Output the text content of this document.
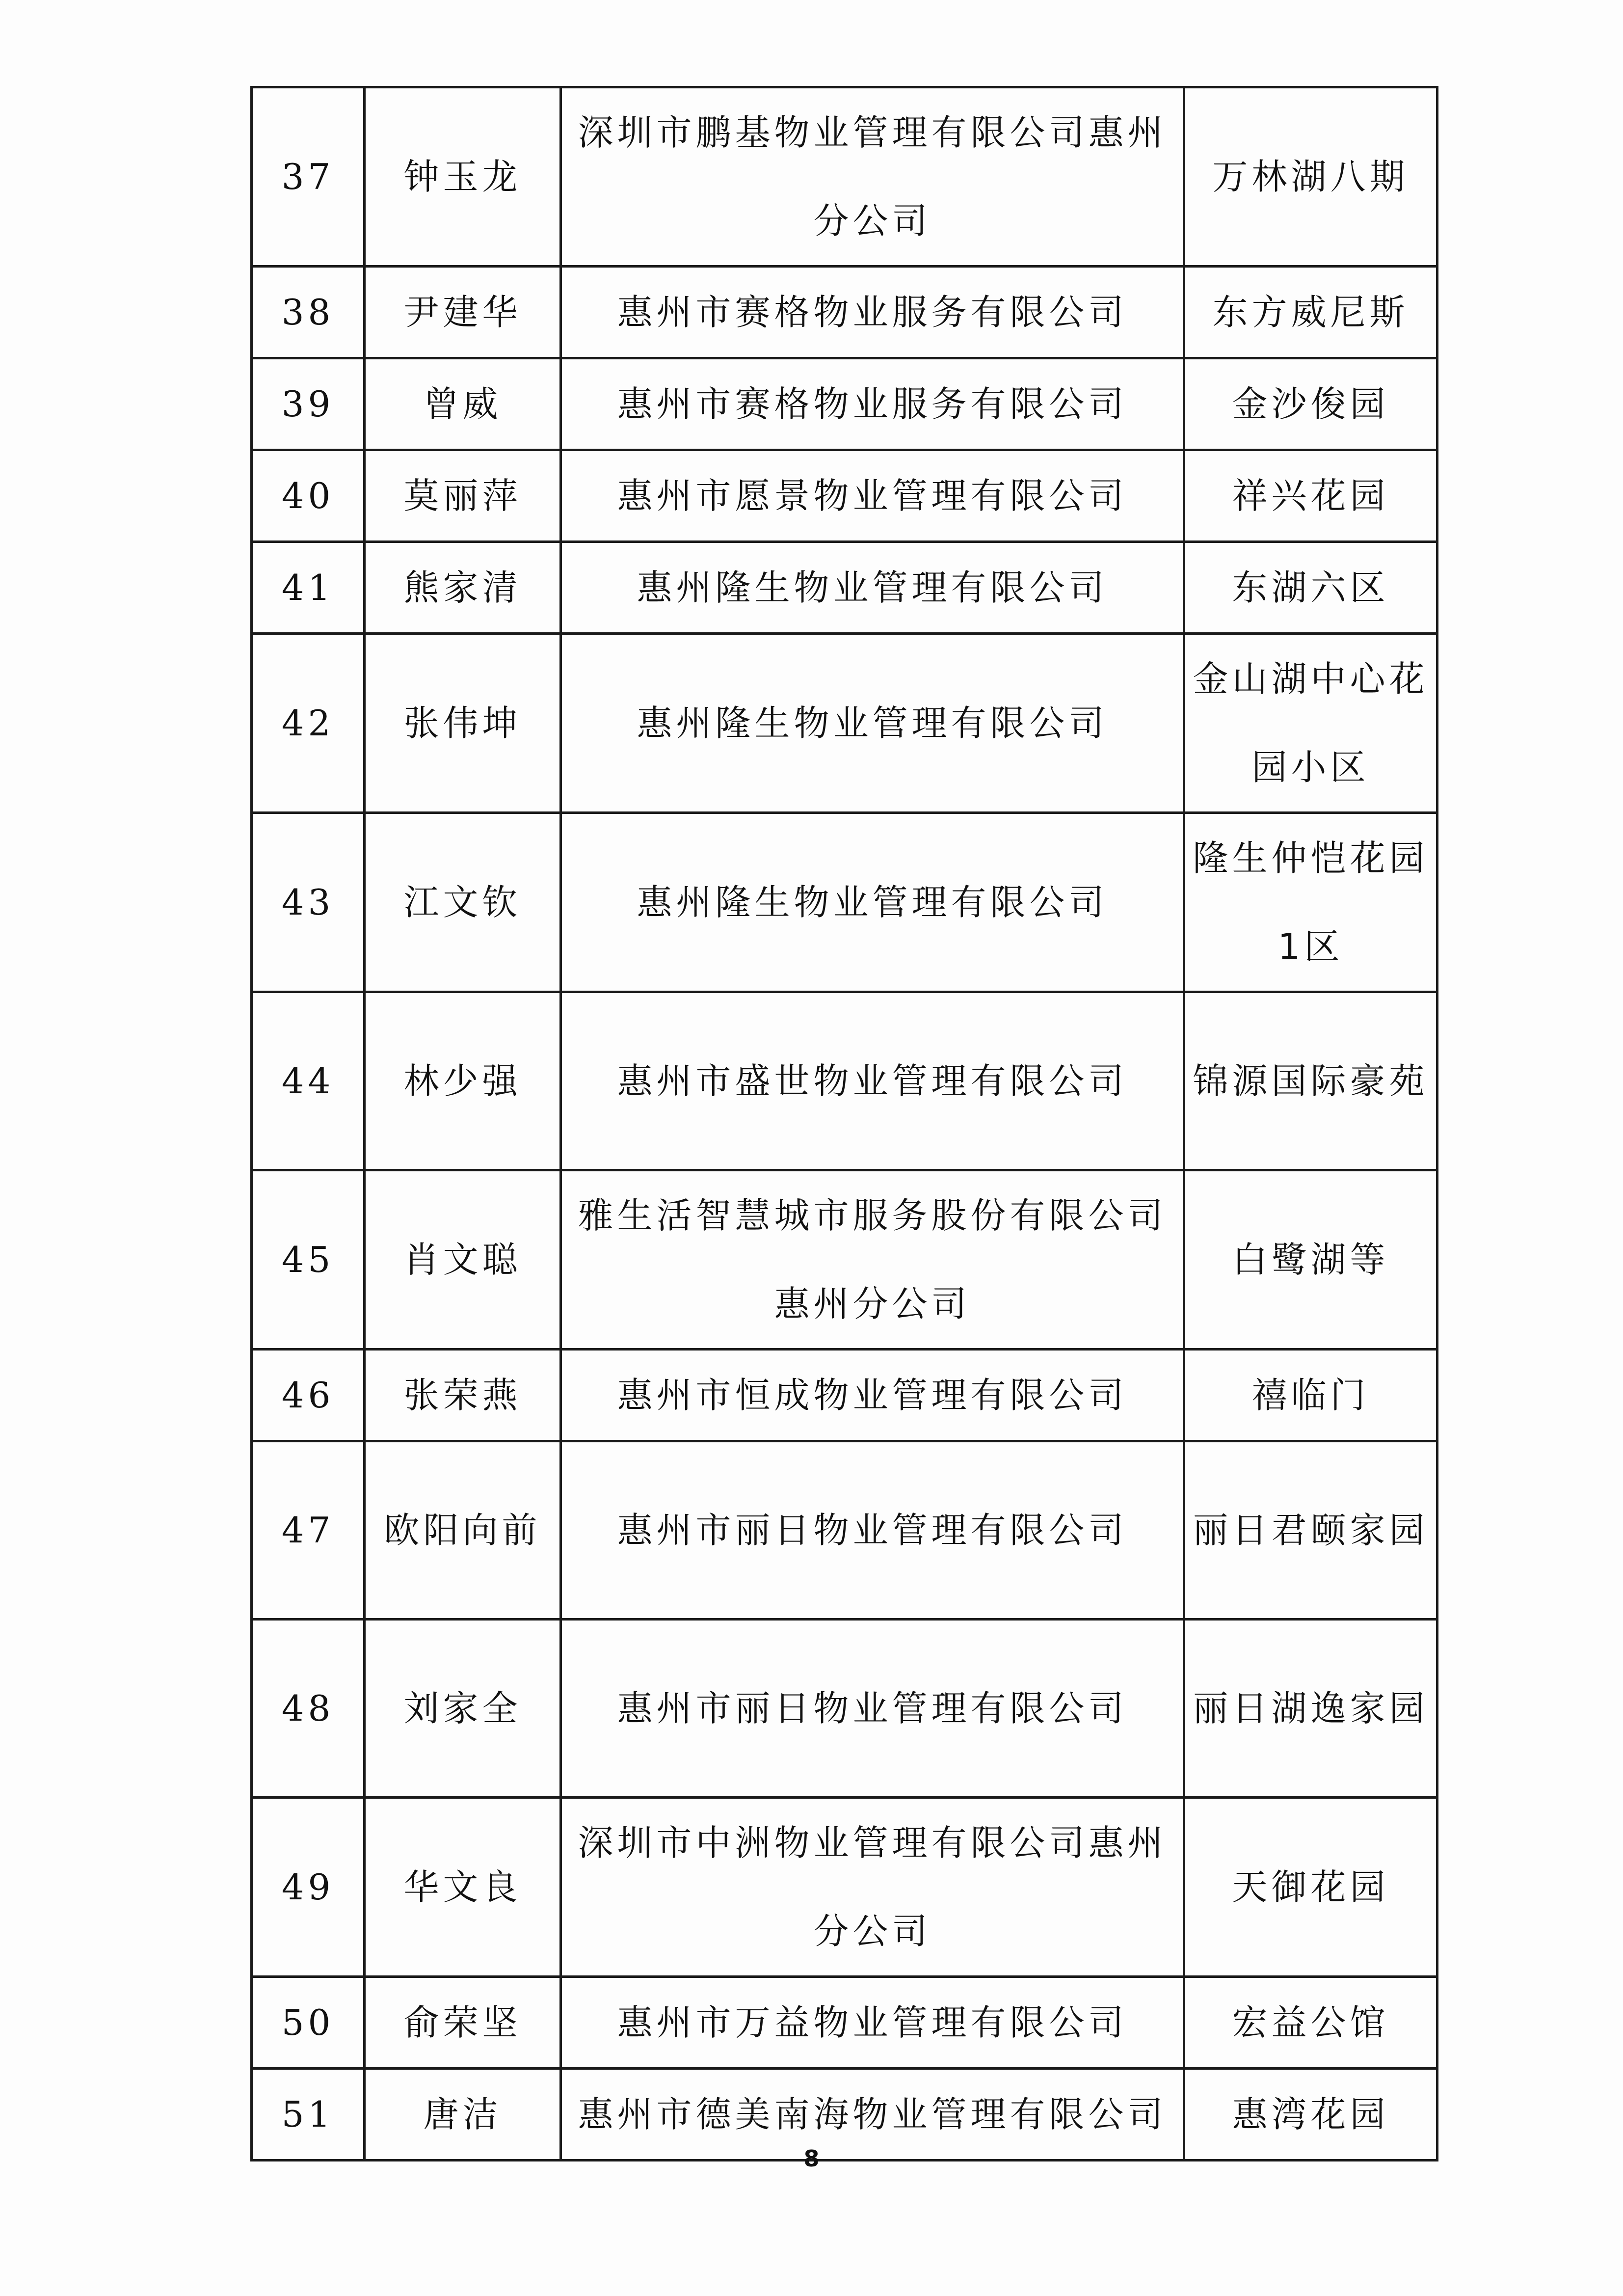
37	钟玉龙	深圳市鹏基物业管理有限公司惠州分公司	万林湖八期
38	尹建华	惠州市赛格物业服务有限公司	东方威尼斯
39	曾威	惠州市赛格物业服务有限公司	金沙俊园
40	莫丽萍	惠州市愿景物业管理有限公司	祥兴花园
41	熊家清	惠州隆生物业管理有限公司	东湖六区
42	张伟坤	惠州隆生物业管理有限公司	金山湖中心花园小区
43	江文钦	惠州隆生物业管理有限公司	隆生仲恺花园1区
44	林少强	惠州市盛世物业管理有限公司	锦源国际豪苑
45	肖文聪	雅生活智慧城市服务股份有限公司惠州分公司	白鹭湖等
46	张荣燕	惠州市恒成物业管理有限公司	禧临门
47	欧阳向前	惠州市丽日物业管理有限公司	丽日君颐家园
48	刘家全	惠州市丽日物业管理有限公司	丽日湖逸家园
49	华文良	深圳市中洲物业管理有限公司惠州分公司	天御花园
50	俞荣坚	惠州市万益物业管理有限公司	宏益公馆
51	唐洁	惠州市德美南海物业管理有限公司	惠湾花园
8
